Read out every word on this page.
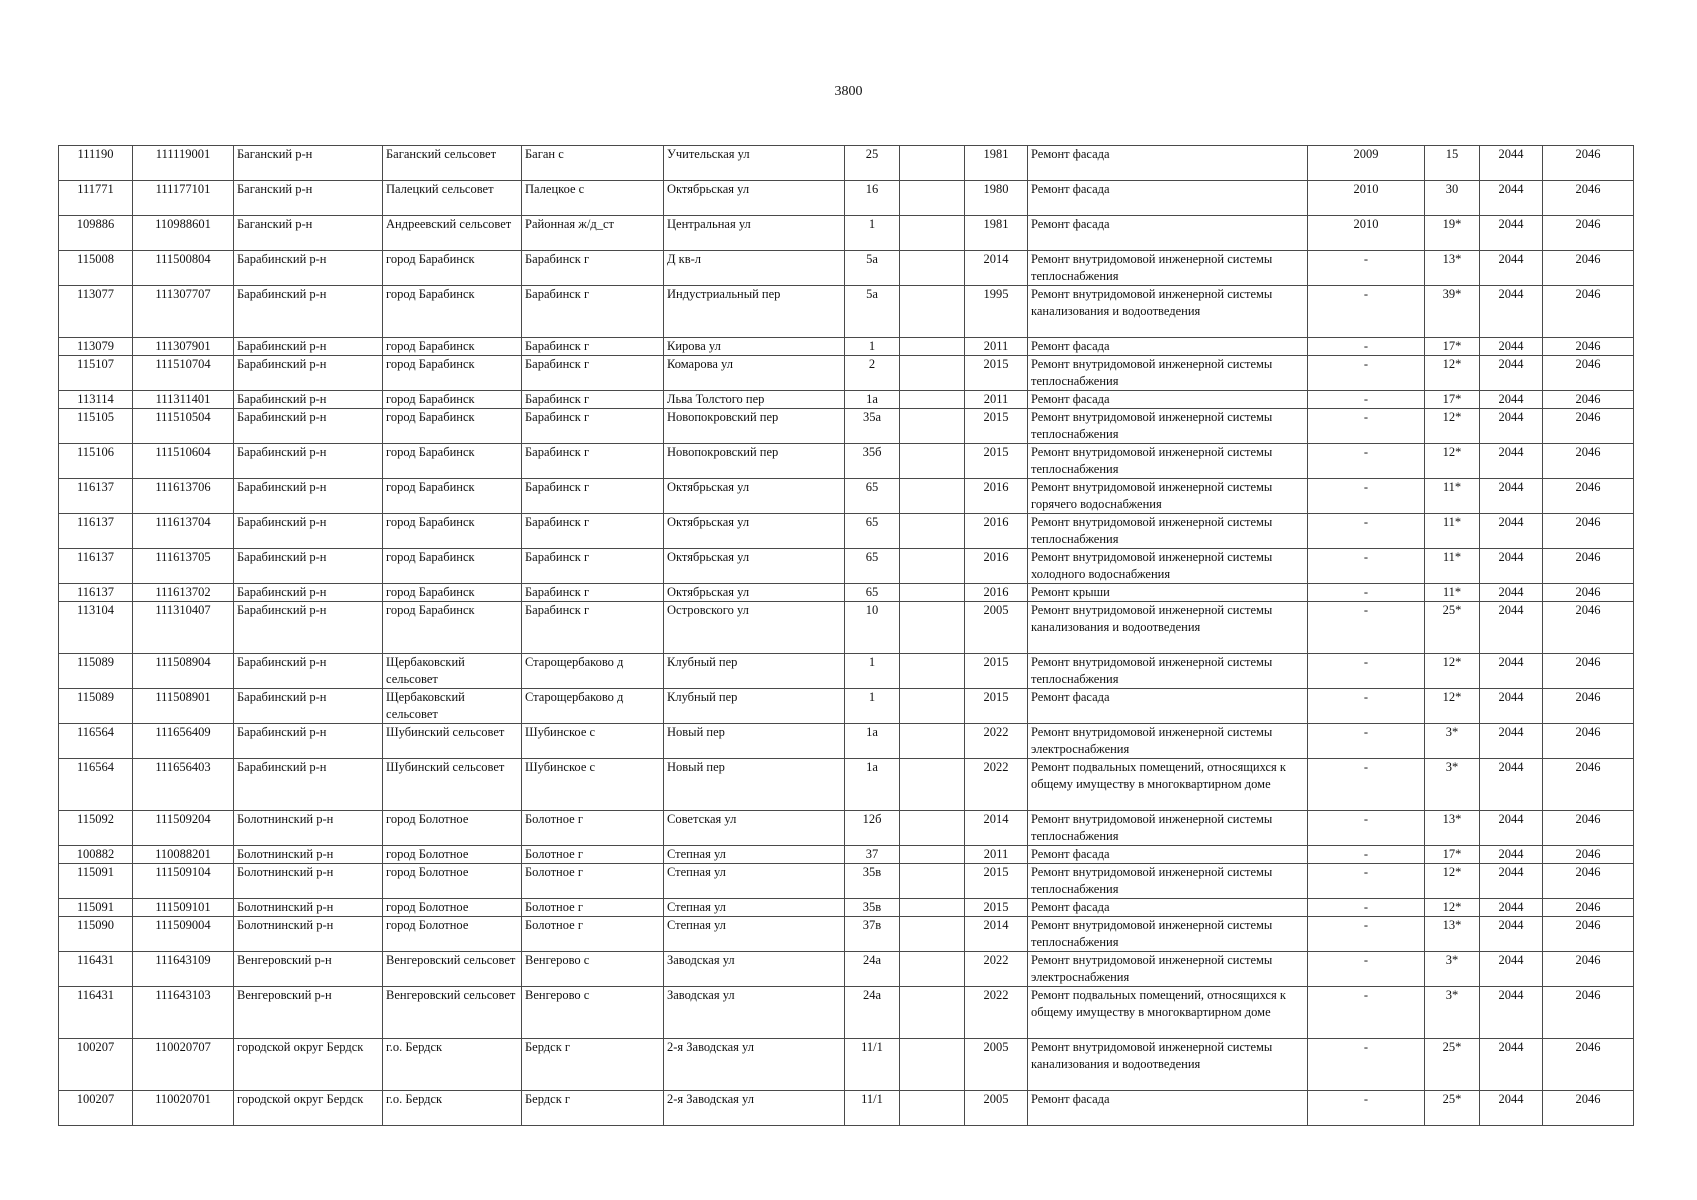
3800
111190	111119001	Баганский р-н	Баганский сельсовет	Баган с	Учительская ул	25		1981	Ремонт фасада	2009	15	2044	2046
111771	111177101	Баганский р-н	Палецкий сельсовет	Палецкое с	Октябрьская ул	16		1980	Ремонт фасада	2010	30	2044	2046
109886	110988601	Баганский р-н	Андреевский сельсовет	Районная ж/д_ст	Центральная ул	1		1981	Ремонт фасада	2010	19*	2044	2046
115008	111500804	Барабинский р-н	город Барабинск	Барабинск г	Д кв-л	5а		2014	Ремонт внутридомовой инженерной системы теплоснабжения	-	13*	2044	2046
113077	111307707	Барабинский р-н	город Барабинск	Барабинск г	Индустриальный пер	5а		1995	Ремонт внутридомовой инженерной системы канализования и водоотведения	-	39*	2044	2046
113079	111307901	Барабинский р-н	город Барабинск	Барабинск г	Кирова ул	1		2011	Ремонт фасада	-	17*	2044	2046
115107	111510704	Барабинский р-н	город Барабинск	Барабинск г	Комарова ул	2		2015	Ремонт внутридомовой инженерной системы теплоснабжения	-	12*	2044	2046
113114	111311401	Барабинский р-н	город Барабинск	Барабинск г	Льва Толстого пер	1а		2011	Ремонт фасада	-	17*	2044	2046
115105	111510504	Барабинский р-н	город Барабинск	Барабинск г	Новопокровский пер	35а		2015	Ремонт внутридомовой инженерной системы теплоснабжения	-	12*	2044	2046
115106	111510604	Барабинский р-н	город Барабинск	Барабинск г	Новопокровский пер	35б		2015	Ремонт внутридомовой инженерной системы теплоснабжения	-	12*	2044	2046
116137	111613706	Барабинский р-н	город Барабинск	Барабинск г	Октябрьская ул	65		2016	Ремонт внутридомовой инженерной системы горячего водоснабжения	-	11*	2044	2046
116137	111613704	Барабинский р-н	город Барабинск	Барабинск г	Октябрьская ул	65		2016	Ремонт внутридомовой инженерной системы теплоснабжения	-	11*	2044	2046
116137	111613705	Барабинский р-н	город Барабинск	Барабинск г	Октябрьская ул	65		2016	Ремонт внутридомовой инженерной системы холодного водоснабжения	-	11*	2044	2046
116137	111613702	Барабинский р-н	город Барабинск	Барабинск г	Октябрьская ул	65		2016	Ремонт крыши	-	11*	2044	2046
113104	111310407	Барабинский р-н	город Барабинск	Барабинск г	Островского ул	10		2005	Ремонт внутридомовой инженерной системы канализования и водоотведения	-	25*	2044	2046
115089	111508904	Барабинский р-н	Щербаковский сельсовет	Старощербаково д	Клубный пер	1		2015	Ремонт внутридомовой инженерной системы теплоснабжения	-	12*	2044	2046
115089	111508901	Барабинский р-н	Щербаковский сельсовет	Старощербаково д	Клубный пер	1		2015	Ремонт фасада	-	12*	2044	2046
116564	111656409	Барабинский р-н	Шубинский сельсовет	Шубинское с	Новый пер	1а		2022	Ремонт внутридомовой инженерной системы электроснабжения	-	3*	2044	2046
116564	111656403	Барабинский р-н	Шубинский сельсовет	Шубинское с	Новый пер	1а		2022	Ремонт подвальных помещений, относящихся к общему имуществу в многоквартирном доме	-	3*	2044	2046
115092	111509204	Болотнинский р-н	город Болотное	Болотное г	Советская ул	12б		2014	Ремонт внутридомовой инженерной системы теплоснабжения	-	13*	2044	2046
100882	110088201	Болотнинский р-н	город Болотное	Болотное г	Степная ул	37		2011	Ремонт фасада	-	17*	2044	2046
115091	111509104	Болотнинский р-н	город Болотное	Болотное г	Степная ул	35в		2015	Ремонт внутридомовой инженерной системы теплоснабжения	-	12*	2044	2046
115091	111509101	Болотнинский р-н	город Болотное	Болотное г	Степная ул	35в		2015	Ремонт фасада	-	12*	2044	2046
115090	111509004	Болотнинский р-н	город Болотное	Болотное г	Степная ул	37в		2014	Ремонт внутридомовой инженерной системы теплоснабжения	-	13*	2044	2046
116431	111643109	Венгеровский р-н	Венгеровский сельсовет	Венгерово с	Заводская ул	24а		2022	Ремонт внутридомовой инженерной системы электроснабжения	-	3*	2044	2046
116431	111643103	Венгеровский р-н	Венгеровский сельсовет	Венгерово с	Заводская ул	24а		2022	Ремонт подвальных помещений, относящихся к общему имуществу в многоквартирном доме	-	3*	2044	2046
100207	110020707	городской округ Бердск	г.о. Бердск	Бердск г	2-я Заводская ул	11/1		2005	Ремонт внутридомовой инженерной системы канализования и водоотведения	-	25*	2044	2046
100207	110020701	городской округ Бердск	г.о. Бердск	Бердск г	2-я Заводская ул	11/1		2005	Ремонт фасада	-	25*	2044	2046
